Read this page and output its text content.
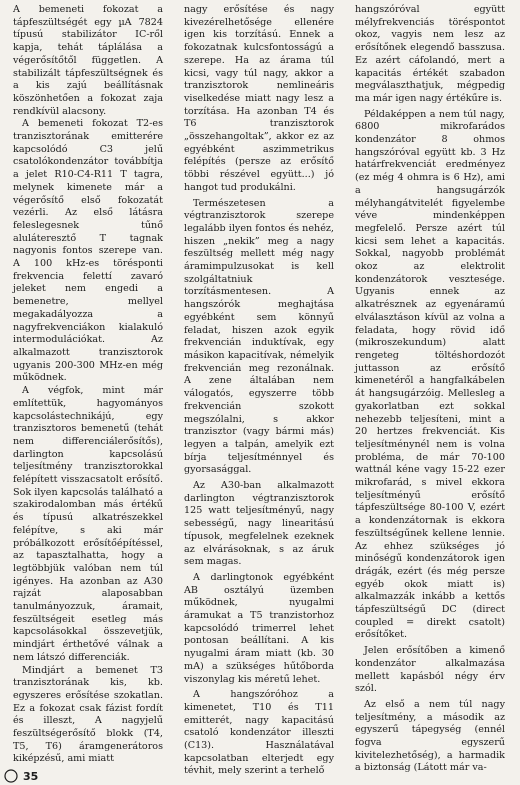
A bemeneti fokozat a tápfeszültségét egy µA 7824 típusú stabilizátor IC-ről kapja, tehát táplálása a végerősítőtől független. A stabilizált tápfeszültségnek és a kis zajú beállításnak köszönhetően a fokozat zaja rendkívül alacsony.

A bemeneti fokozat T2-es tranzisztorának emitterére kapcsolódó C3 jelű csatolókondenzátor továbbítja a jelet R10-C4-R11 T tagra, melynek kimenete már a végerősítő első fokozatát vezérli. Az első látásra feleslegesnek tűnő aluláteresztő T tagnak nagyonis fontos szerepe van. A 100 kHz-es törésponti frekvencia felettí zavaró jeleket nem engedi a bemenetre, mellyel megakadályozza a nagyfrekvenciákon kialakuló intermodulációkat. Az alkalmazott tranzisztorok ugyanis 200-300 MHz-en még működnek.

A végfok, mint már említettük, hagyományos kapcsolástechnikájú, egy tranzisztoros bemenetű (tehát nem differenciálerősítős), darlington kapcsolású teljesítmény tranzisztorokkal felépített visszacsatolt erősítő. Sok ilyen kapcsolás található a szakirodalomban más értékű és típusú alkatrészekkel felépítve, s aki már próbálkozott erősítőépítéssel, az tapasztalhatta, hogy a legtöbbjük valóban nem túl igényes. Ha azonban az A30 rajzát alaposabban tanulmányozzuk, áramait, feszültségeit esetleg más kapcsolásokkal összevetjük, mindjárt érthetővé válnak a nem látszó differenciák.

Mindjárt a bemenet T3 tranzisztorának kis, kb. egyszeres erősítése szokatlan. Ez a fokozat csak fázist fordít és illeszt, A nagyjelű feszültségerősítő blokk (T4, T5, T6) áramgenerátoros kiképzésű, ami miatt

nagy erősítése és nagy kivezérelhetősége ellenére igen kis torzítású. Ennek a fokozatnak kulcsfontosságú a szerepe. Ha az árama túl kicsi, vagy túl nagy, akkor a tranzisztorok nemlineáris viselkedése miatt nagy lesz a torzítása. Ha azonban T4 és T6 tranzisztorok „összehangoltak”, akkor ez az egyébként aszimmetrikus felépítés (persze az erősítő többi részével együtt...) jó hangot tud produkálni.

Természetesen a végtranzisztorok szerepe legalább ilyen fontos és nehéz, hiszen „nekik” meg a nagy feszültség mellett még nagy áramimpulzusokat is kell szolgáltatniuk torzításmentesen. A hangszórók meghajtása egyébként sem könnyű feladat, hiszen azok egyik frekvencián induktívak, egy másikon kapacitívak, némelyik frekvencián meg rezonálnak. A zene általában nem válogatós, egyszerre több frekvencián szokott megszólalni, s akkor tranzisztor (vagy bármi más) legyen a talpán, amelyik ezt bírja teljesítménnyel és gyorsasággal.

Az A30-ban alkalmazott darlington végtranzisztorok 125 watt teljesítményű, nagy sebességű, nagy linearitású típusok, megfelelnek ezeknek az elvárásoknak, s az áruk sem magas.

A darlingtonok egyébként AB osztályú üzemben működnek, nyugalmi áramukat a T5 tranzistorhoz kapcsolódó trimerrel lehet pontosan beállítani. A kis nyugalmi áram miatt (kb. 30 mA) a szükséges hűtőborda viszonylag kis méretű lehet.

A hangszóróhoz a kimenetet, T10 és T11 emitterét, nagy kapacitású csatoló kondenzátor illeszti (C13). Használatával kapcsolatban elterjedt egy tévhit, mely szerint a terhelő

hangszóróval együtt mélyfrekvenciás töréspontot okoz, vagyis nem lesz az erősítőnek elegendő basszusa. Ez azért cáfolandó, mert a kapacitás értékét szabadon megválaszthatjuk, mégpedig ma már igen nagy értékűre is.

Példaképpen a nem túl nagy, 6800 mikrofarádos kondenzátor 8 ohmos hangszóróval együtt kb. 3 Hz határfrekvenciát eredményez (ez még 4 ohmra is 6 Hz), ami a hangsugárzók mélyhangátvitelét figyelembe véve mindenképpen megfelelő. Persze azért túl kicsi sem lehet a kapacitás. Sokkal, nagyobb problémát okoz az elektrolit kondenzátorok vesztesége. Ugyanis ennek az alkatrésznek az egyenáramú elválasztáson kívül az volna a feladata, hogy rövid idő (mikroszekundum) alatt rengeteg töltéshordozót juttasson az erősítő kimenetéről a hangfalkábelen át hangsugárzóig. Mellesleg a gyakorlatban ezt sokkal nehezebb teljesíteni, mint a 20 hertzes frekvenciát. Kis teljesítménynél nem is volna probléma, de már 70-100 wattnál kéne vagy 15-22 ezer mikrofarád, s mivel ekkora teljesítményű erősítő tápfeszültsége 80-100 V, ezért a kondenzátornak is ekkora feszültségűnek kellene lennie. Az ehhez szükséges jó minőségű kondenzátorok igen drágák, ezért (és még persze egyéb okok miatt is) alkalmazzák inkább a kettős tápfeszültségű DC (direct coupled = direkt csatolt) erősítőket.

Jelen erősítőben a kimenő kondenzátor alkalmazása mellett kapásból négy érv szól.

Az első a nem túl nagy teljesítmény, a második az egyszerű tápegység (ennél fogva egyszerű kivitelezhetőség), a harmadik a biztonság (Látott már va-

35
